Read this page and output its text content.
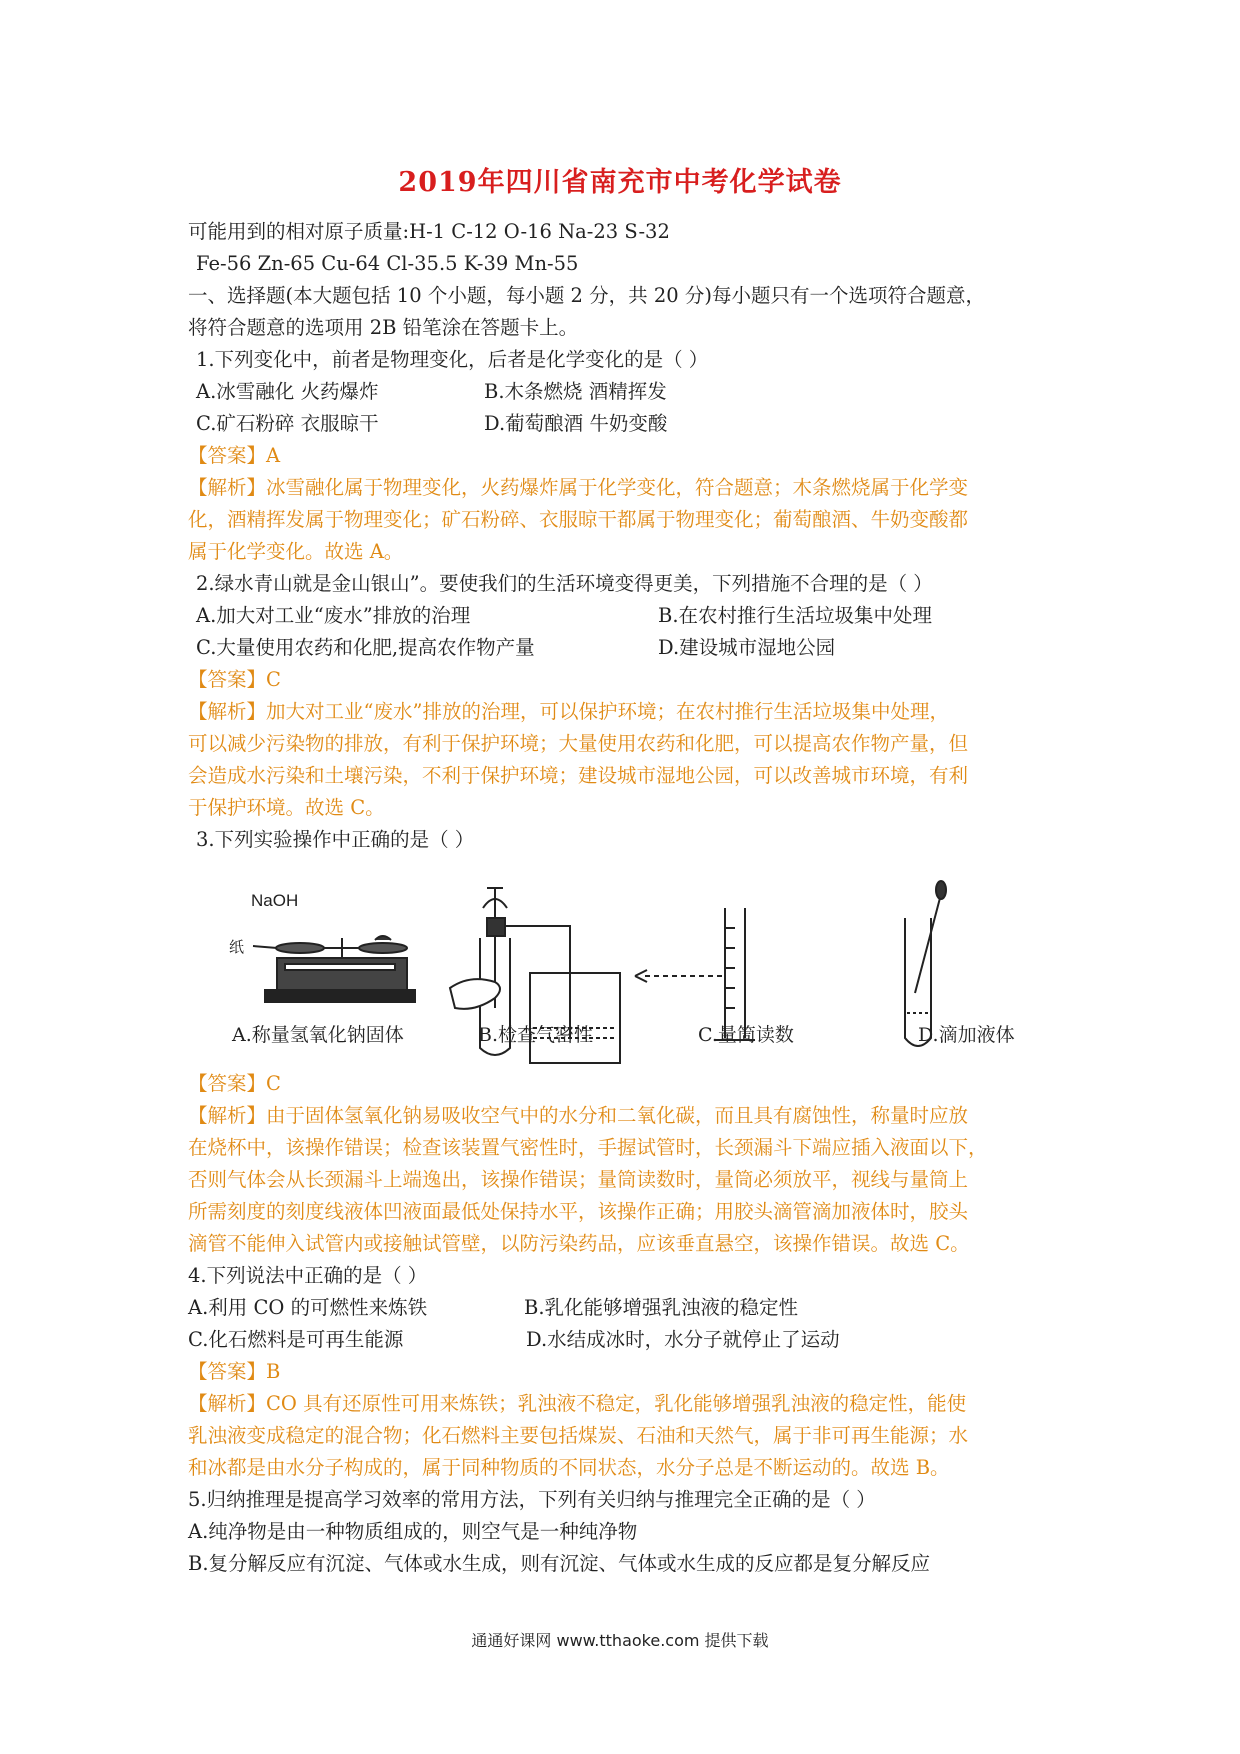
2019年四川省南充市中考化学试卷
可能用到的相对原子质量:H-1 C-12 O-16 Na-23 S-32
Fe-56 Zn-65 Cu-64 Cl-35.5 K-39 Mn-55
一、选择题(本大题包括 10 个小题，每小题 2 分，共 20 分)每小题只有一个选项符合题意，
将符合题意的选项用 2B 铅笔涂在答题卡上。
1.下列变化中，前者是物理变化，后者是化学变化的是（ ）
A.冰雪融化 火药爆炸	B.木条燃烧 酒精挥发
C.矿石粉碎 衣服晾干	D.葡萄酿酒 牛奶变酸
【答案】A
【解析】冰雪融化属于物理变化，火药爆炸属于化学变化，符合题意；木条燃烧属于化学变
化，酒精挥发属于物理变化；矿石粉碎、衣服晾干都属于物理变化；葡萄酿酒、牛奶变酸都
属于化学变化。故选 A。
2.绿水青山就是金山银山”。要使我们的生活环境变得更美，下列措施不合理的是（ ）
A.加大对工业“废水”排放的治理	B.在农村推行生活垃圾集中处理
C.大量使用农药和化肥,提高农作物产量	D.建设城市湿地公园
【答案】C
【解析】加大对工业“废水”排放的治理，可以保护环境；在农村推行生活垃圾集中处理，
可以减少污染物的排放，有利于保护环境；大量使用农药和化肥，可以提高农作物产量，但
会造成水污染和土壤污染，不利于保护环境；建设城市湿地公园，可以改善城市环境，有利
于保护环境。故选 C。
3.下列实验操作中正确的是（ ）
NaOH
纸
A.称量氢氧化钠固体	B.检查气密性	C.量筒读数	D.滴加液体
【答案】C
【解析】由于固体氢氧化钠易吸收空气中的水分和二氧化碳，而且具有腐蚀性，称量时应放
在烧杯中，该操作错误；检查该装置气密性时，手握试管时，长颈漏斗下端应插入液面以下，
否则气体会从长颈漏斗上端逸出，该操作错误；量筒读数时，量筒必须放平，视线与量筒上
所需刻度的刻度线液体凹液面最低处保持水平，该操作正确；用胶头滴管滴加液体时，胶头
滴管不能伸入试管内或接触试管壁，以防污染药品，应该垂直悬空，该操作错误。故选 C。
4.下列说法中正确的是（ ）
A.利用 CO 的可燃性来炼铁	B.乳化能够增强乳浊液的稳定性
C.化石燃料是可再生能源	D.水结成冰时，水分子就停止了运动
【答案】B
【解析】CO 具有还原性可用来炼铁；乳浊液不稳定，乳化能够增强乳浊液的稳定性，能使
乳浊液变成稳定的混合物；化石燃料主要包括煤炭、石油和天然气，属于非可再生能源；水
和冰都是由水分子构成的，属于同种物质的不同状态，水分子总是不断运动的。故选 B。
5.归纳推理是提高学习效率的常用方法，下列有关归纳与推理完全正确的是（ ）
A.纯净物是由一种物质组成的，则空气是一种纯净物
B.复分解反应有沉淀、气体或水生成，则有沉淀、气体或水生成的反应都是复分解反应
通通好课网 www.tthaoke.com 提供下载
